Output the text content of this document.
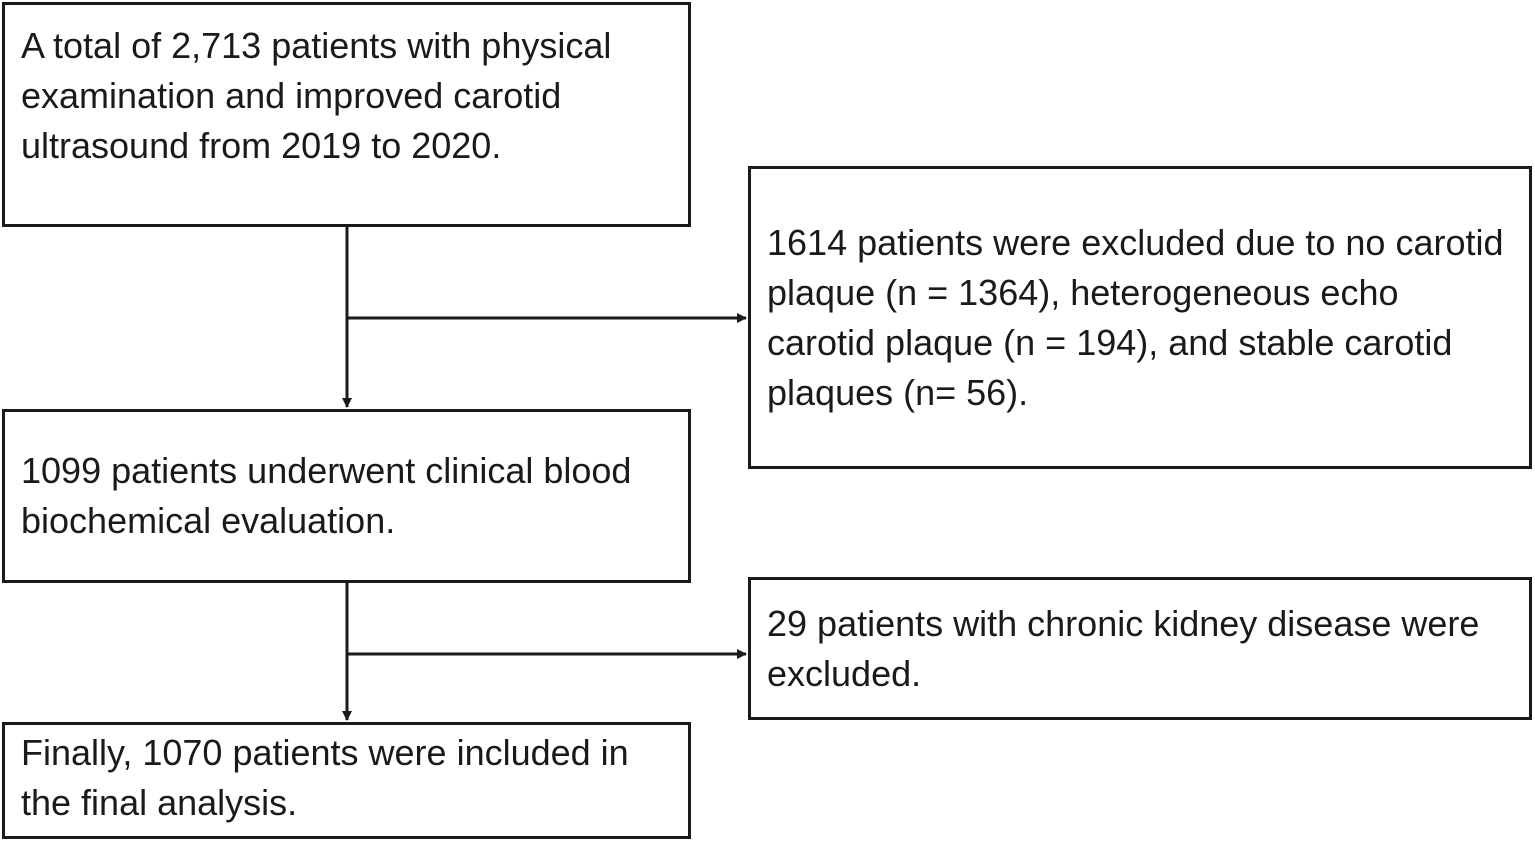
A total of 2,713 patients with physical examination and improved carotid ultrasound from 2019 to 2020.
1614 patients were excluded due to no carotid plaque (n = 1364), heterogeneous echo carotid plaque (n = 194), and stable carotid plaques (n= 56).
1099 patients underwent clinical blood biochemical evaluation.
29 patients with chronic kidney disease were excluded.
Finally, 1070 patients were included in the final analysis.
